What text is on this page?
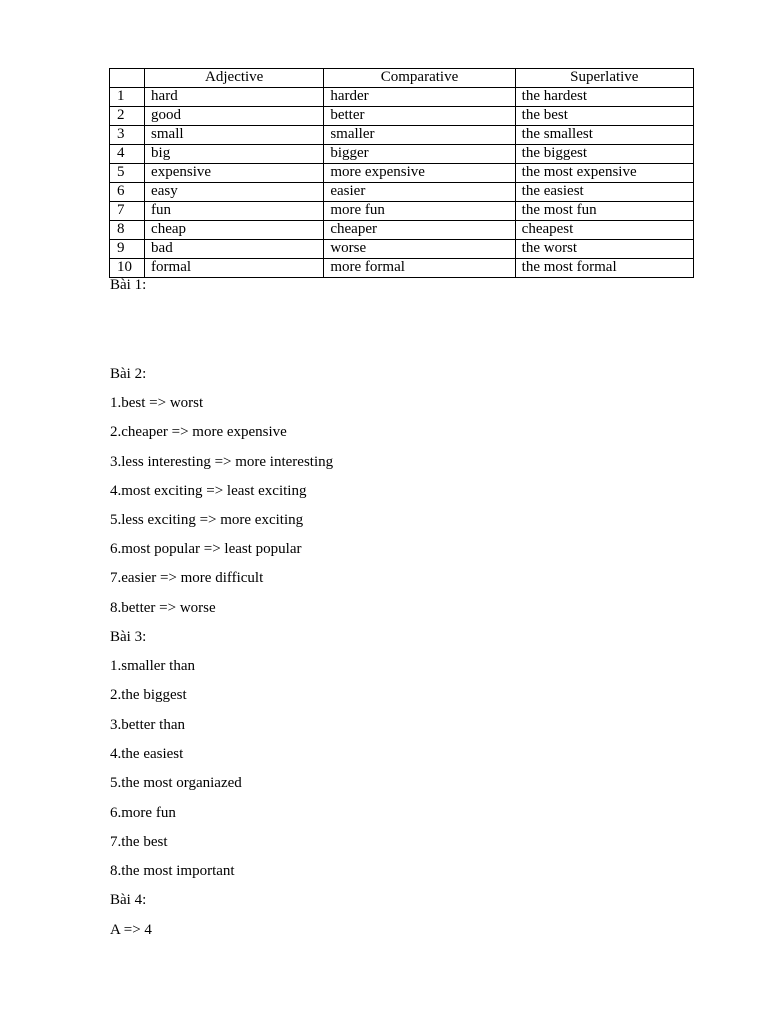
	Adjective	Comparative	Superlative
1	hard	harder	the hardest
2	good	better	the best
3	small	smaller	the smallest
4	big	bigger	the biggest
5	expensive	more expensive	the most expensive
6	easy	easier	the easiest
7	fun	more fun	the most fun
8	cheap	cheaper	cheapest
9	bad	worse	the worst
10	formal	more formal	the most formal
Bài 1:
Bài 2:
1.best => worst
2.cheaper => more expensive
3.less interesting => more interesting
4.most exciting => least exciting
5.less exciting => more exciting
6.most popular => least popular
7.easier => more difficult
8.better => worse
Bài 3:
1.smaller than
2.the biggest
3.better than
4.the easiest
5.the most organiazed
6.more fun
7.the best
8.the most important
Bài 4:
A => 4
